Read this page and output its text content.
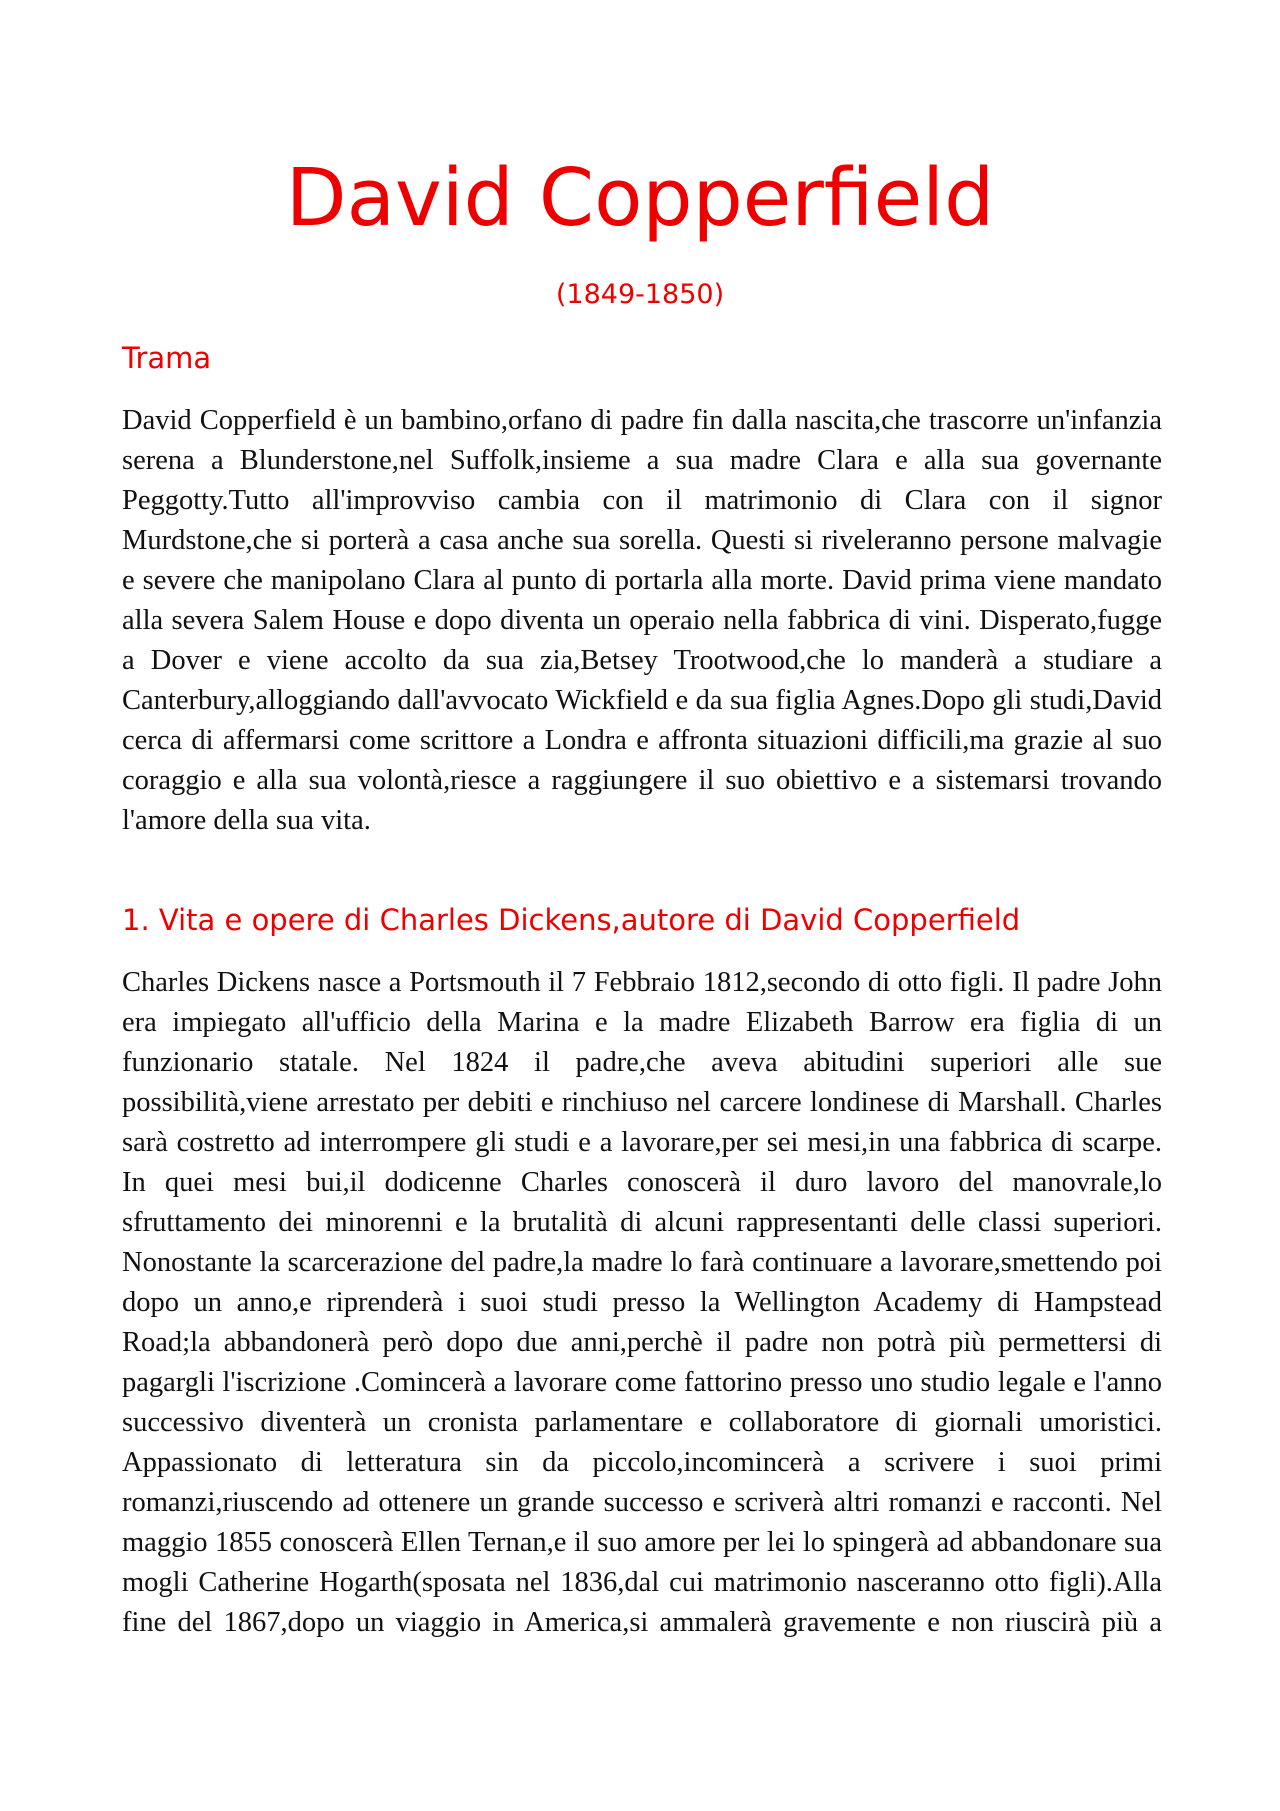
David Copperfield

(1849-1850)

Trama

David Copperfield è un bambino,orfano di padre fin dalla nascita,che trascorre un'infanzia serena a Blunderstone,nel Suffolk,insieme a sua madre Clara e alla sua governante Peggotty.Tutto all'improvviso cambia con il matrimonio di Clara con il signor Murdstone,che si porterà a casa anche sua sorella. Questi si riveleranno persone malvagie e severe che manipolano Clara al punto di portarla alla morte. David prima viene mandato alla severa Salem House e dopo diventa un operaio nella fabbrica di vini. Disperato,fugge a Dover e viene accolto da sua zia,Betsey Trootwood,che lo manderà a studiare a Canterbury,alloggiando dall'avvocato Wickfield e da sua figlia Agnes.Dopo gli studi,David cerca di affermarsi come scrittore a Londra e affronta situazioni difficili,ma grazie al suo coraggio e alla sua volontà,riesce a raggiungere il suo obiettivo e a sistemarsi trovando l'amore della sua vita.

1. Vita e opere di Charles Dickens,autore di David Copperfield

Charles Dickens nasce a Portsmouth il 7 Febbraio 1812,secondo di otto figli. Il padre John era impiegato all'ufficio della Marina e la madre Elizabeth Barrow era figlia di un funzionario statale. Nel 1824 il padre,che aveva abitudini superiori alle sue possibilità,viene arrestato per debiti e rinchiuso nel carcere londinese di Marshall. Charles sarà costretto ad interrompere gli studi e a lavorare,per sei mesi,in una fabbrica di scarpe. In quei mesi bui,il dodicenne Charles conoscerà il duro lavoro del manovrale,lo sfruttamento dei minorenni e la brutalità di alcuni rappresentanti delle classi superiori. Nonostante la scarcerazione del padre,la madre lo farà continuare a lavorare,smettendo poi dopo un anno,e riprenderà i suoi studi presso la Wellington Academy di Hampstead Road;la abbandonerà però dopo due anni,perchè il padre non potrà più permettersi di pagargli l'iscrizione .Comincerà a lavorare come fattorino presso uno studio legale e l'anno successivo diventerà un cronista parlamentare e collaboratore di giornali umoristici. Appassionato di letteratura sin da piccolo,incomincerà a scrivere i suoi primi romanzi,riuscendo ad ottenere un grande successo e scriverà altri romanzi e racconti. Nel maggio 1855 conoscerà Ellen Ternan,e il suo amore per lei lo spingerà ad abbandonare sua mogli Catherine Hogarth(sposata nel 1836,dal cui matrimonio nasceranno otto figli).Alla fine del 1867,dopo un viaggio in America,si ammalerà gravemente e non riuscirà più a
